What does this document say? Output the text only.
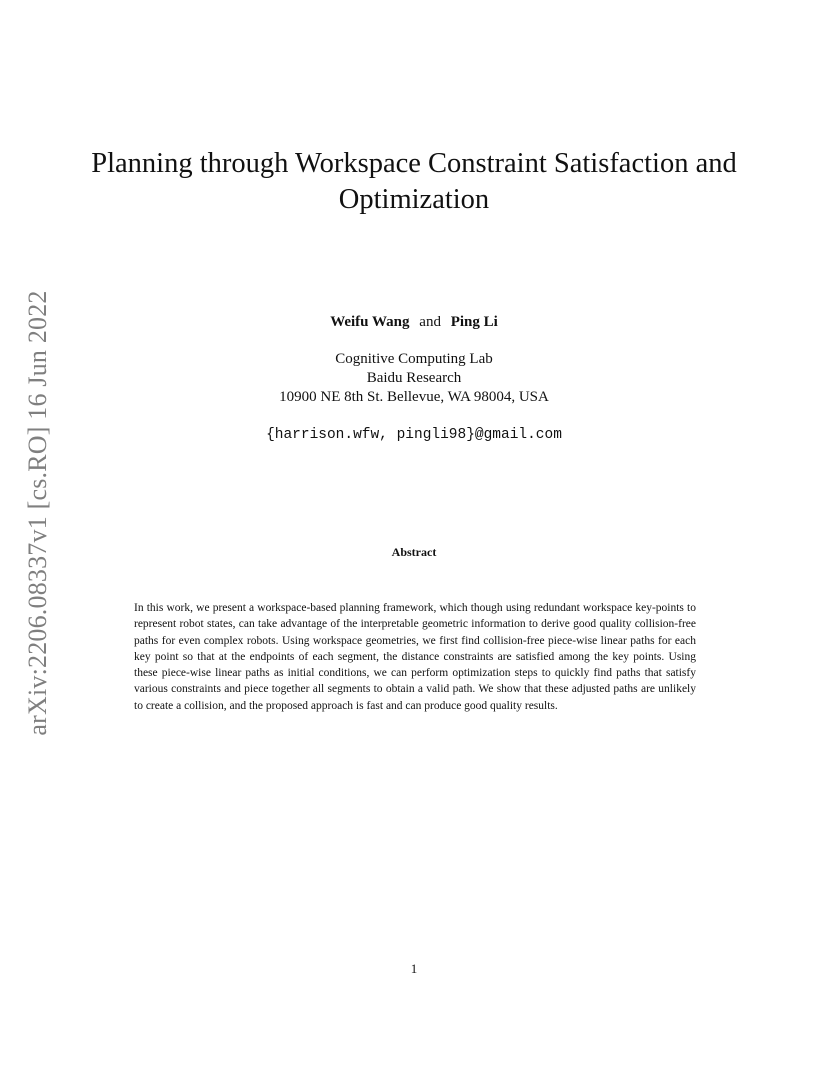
arXiv:2206.08337v1 [cs.RO] 16 Jun 2022
Planning through Workspace Constraint Satisfaction and Optimization
Weifu Wang and Ping Li
Cognitive Computing Lab
Baidu Research
10900 NE 8th St. Bellevue, WA 98004, USA
{harrison.wfw, pingli98}@gmail.com
Abstract

In this work, we present a workspace-based planning framework, which though using redundant workspace key-points to represent robot states, can take advantage of the interpretable geometric information to derive good quality collision-free paths for even complex robots. Using workspace geometries, we first find collision-free piece-wise linear paths for each key point so that at the endpoints of each segment, the distance constraints are satisfied among the key points. Using these piece-wise linear paths as initial conditions, we can perform optimization steps to quickly find paths that satisfy various constraints and piece together all segments to obtain a valid path. We show that these adjusted paths are unlikely to create a collision, and the proposed approach is fast and can produce good quality results.

1
